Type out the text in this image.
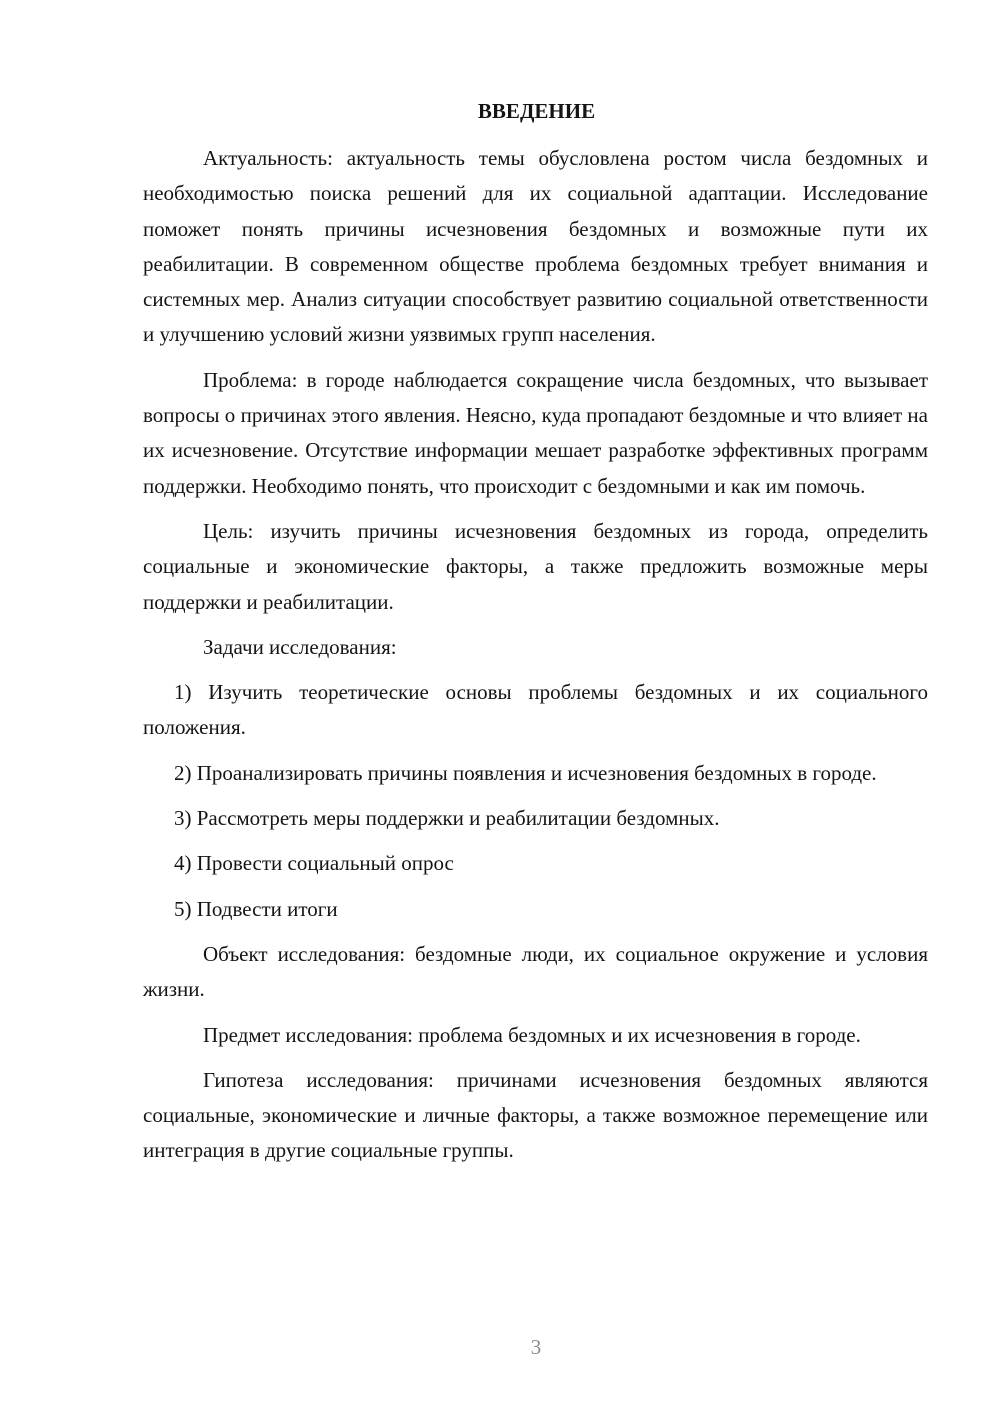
ВВЕДЕНИЕ

Актуальность: актуальность темы обусловлена ростом числа бездомных и необходимостью поиска решений для их социальной адаптации. Исследование поможет понять причины исчезновения бездомных и возможные пути их реабилитации. В современном обществе проблема бездомных требует внимания и системных мер. Анализ ситуации способствует развитию социальной ответственности и улучшению условий жизни уязвимых групп населения.

Проблема: в городе наблюдается сокращение числа бездомных, что вызывает вопросы о причинах этого явления. Неясно, куда пропадают бездомные и что влияет на их исчезновение. Отсутствие информации мешает разработке эффективных программ поддержки. Необходимо понять, что происходит с бездомными и как им помочь.

Цель: изучить причины исчезновения бездомных из города, определить социальные и экономические факторы, а также предложить возможные меры поддержки и реабилитации.

Задачи исследования:

1) Изучить теоретические основы проблемы бездомных и их социального положения.

2) Проанализировать причины появления и исчезновения бездомных в городе.

3) Рассмотреть меры поддержки и реабилитации бездомных.

4) Провести социальный опрос

5) Подвести итоги

Объект исследования: бездомные люди, их социальное окружение и условия жизни.

Предмет исследования: проблема бездомных и их исчезновения в городе.

Гипотеза исследования: причинами исчезновения бездомных являются социальные, экономические и личные факторы, а также возможное перемещение или интеграция в другие социальные группы.

3
